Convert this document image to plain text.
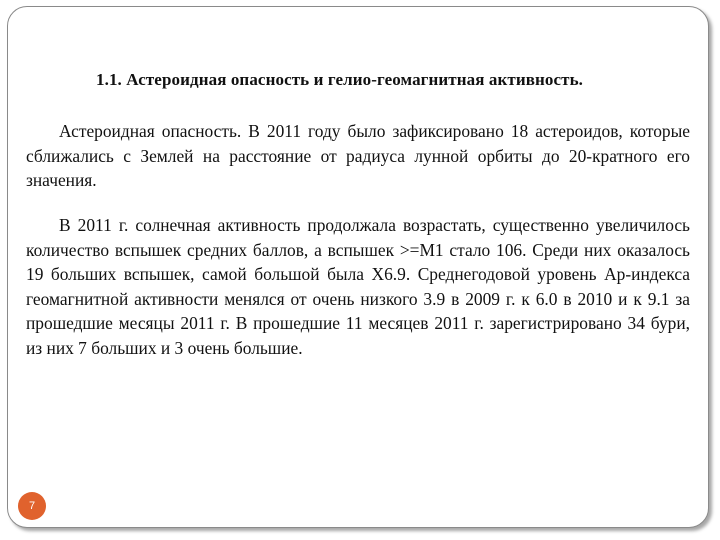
1.1. Астероидная опасность и гелио-геомагнитная активность.

Астероидная опасность. В 2011 году было зафиксировано 18 астероидов, которые сближались с Землей на расстояние от радиуса лунной орбиты до 20-кратного его значения.

В 2011 г. солнечная активность продолжала возрастать, существенно увеличилось количество вспышек средних баллов, а вспышек >=M1 стало 106. Среди них оказалось 19 больших вспышек, самой большой была X6.9. Среднегодовой уровень Ap-индекса геомагнитной активности менялся от очень низкого 3.9 в 2009 г. к 6.0 в 2010 и к 9.1 за прошедшие месяцы 2011 г. В прошедшие 11 месяцев 2011 г. зарегистрировано 34 бури, из них 7 больших и 3 очень большие.

7
